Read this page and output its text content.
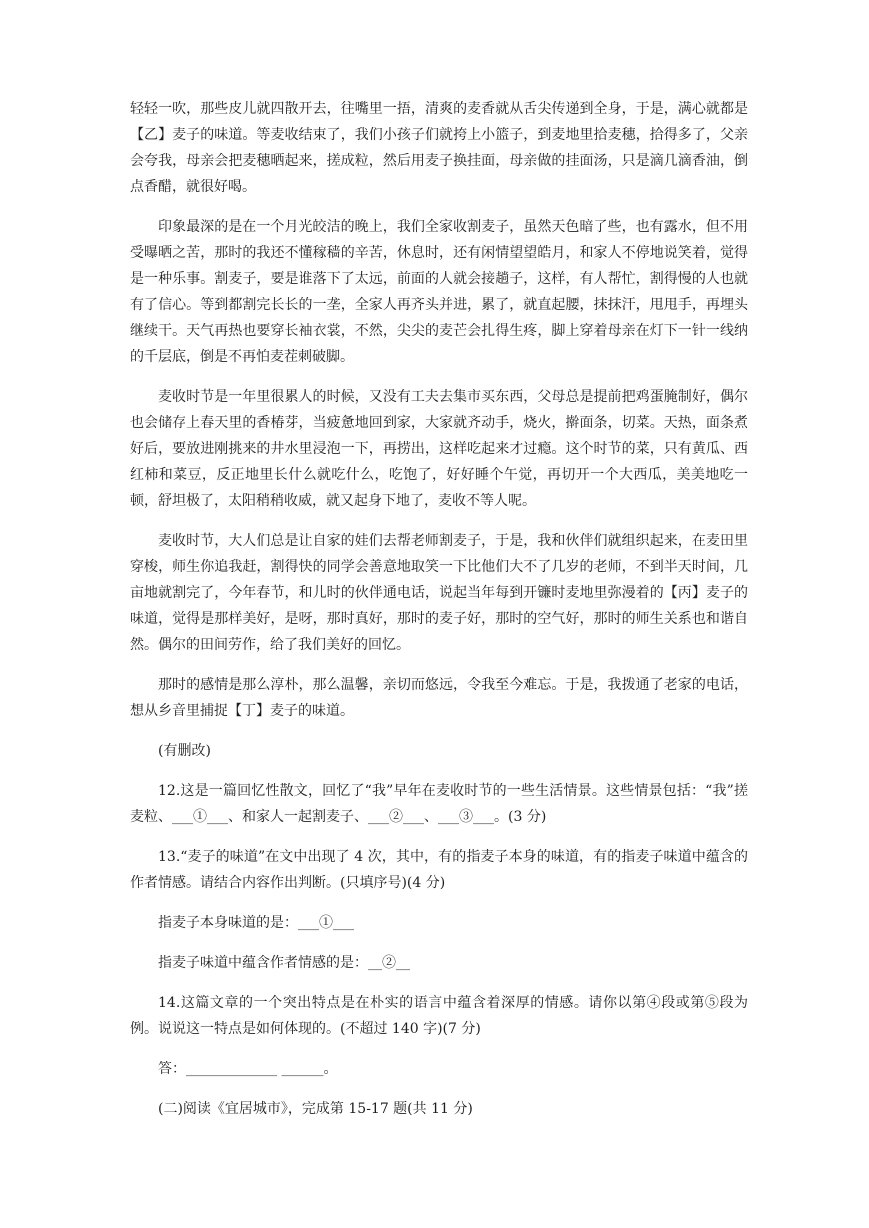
轻轻一吹，那些皮儿就四散开去，往嘴里一捂，清爽的麦香就从舌尖传递到全身，于是，满心就都是【乙】麦子的味道。等麦收结束了，我们小孩子们就挎上小篮子，到麦地里拾麦穗，拾得多了，父亲会夸我，母亲会把麦穗晒起来，搓成粒，然后用麦子换挂面，母亲做的挂面汤，只是滴几滴香油，倒点香醋，就很好喝。

印象最深的是在一个月光皎洁的晚上，我们全家收割麦子，虽然天色暗了些，也有露水，但不用受曝晒之苦，那时的我还不懂稼穑的辛苦，休息时，还有闲情望望皓月，和家人不停地说笑着，觉得是一种乐事。割麦子，要是谁落下了太远，前面的人就会接趟子，这样，有人帮忙，割得慢的人也就有了信心。等到都割完长长的一垄，全家人再齐头并进，累了，就直起腰，抹抹汗，甩甩手，再埋头继续干。天气再热也要穿长袖衣裳，不然，尖尖的麦芒会扎得生疼，脚上穿着母亲在灯下一针一线纳的千层底，倒是不再怕麦茬刺破脚。

麦收时节是一年里很累人的时候，又没有工夫去集市买东西，父母总是提前把鸡蛋腌制好，偶尔也会储存上春天里的香椿芽，当疲惫地回到家，大家就齐动手，烧火，擀面条，切菜。天热，面条煮好后，要放进刚挑来的井水里浸泡一下，再捞出，这样吃起来才过瘾。这个时节的菜，只有黄瓜、西红柿和菜豆，反正地里长什么就吃什么，吃饱了，好好睡个午觉，再切开一个大西瓜，美美地吃一顿，舒坦极了，太阳稍稍收威，就又起身下地了，麦收不等人呢。

麦收时节，大人们总是让自家的娃们去帮老师割麦子，于是，我和伙伴们就组织起来，在麦田里穿梭，师生你追我赶，割得快的同学会善意地取笑一下比他们大不了几岁的老师，不到半天时间，几亩地就割完了，今年春节，和儿时的伙伴通电话，说起当年每到开镰时麦地里弥漫着的【丙】麦子的味道，觉得是那样美好，是呀，那时真好，那时的麦子好，那时的空气好，那时的师生关系也和谐自然。偶尔的田间劳作，给了我们美好的回忆。

那时的感情是那么淳朴，那么温馨，亲切而悠远，令我至今难忘。于是，我拨通了老家的电话，想从乡音里捕捉【丁】麦子的味道。

(有删改)

12.这是一篇回忆性散文，回忆了“我”早年在麦收时节的一些生活情景。这些情景包括：“我”搓麦粒、___①___、和家人一起割麦子、___②___、___③___。(3 分)

13.“麦子的味道”在文中出现了 4 次，其中，有的指麦子本身的味道，有的指麦子味道中蕴含的作者情感。请结合内容作出判断。(只填序号)(4 分)

指麦子本身味道的是：___①___

指麦子味道中蕴含作者情感的是：__②__

14.这篇文章的一个突出特点是在朴实的语言中蕴含着深厚的情感。请你以第④段或第⑤段为例。说说这一特点是如何体现的。(不超过 140 字)(7 分)

答：_____________ ______。

(二)阅读《宜居城市》，完成第 15-17 题(共 11 分)
